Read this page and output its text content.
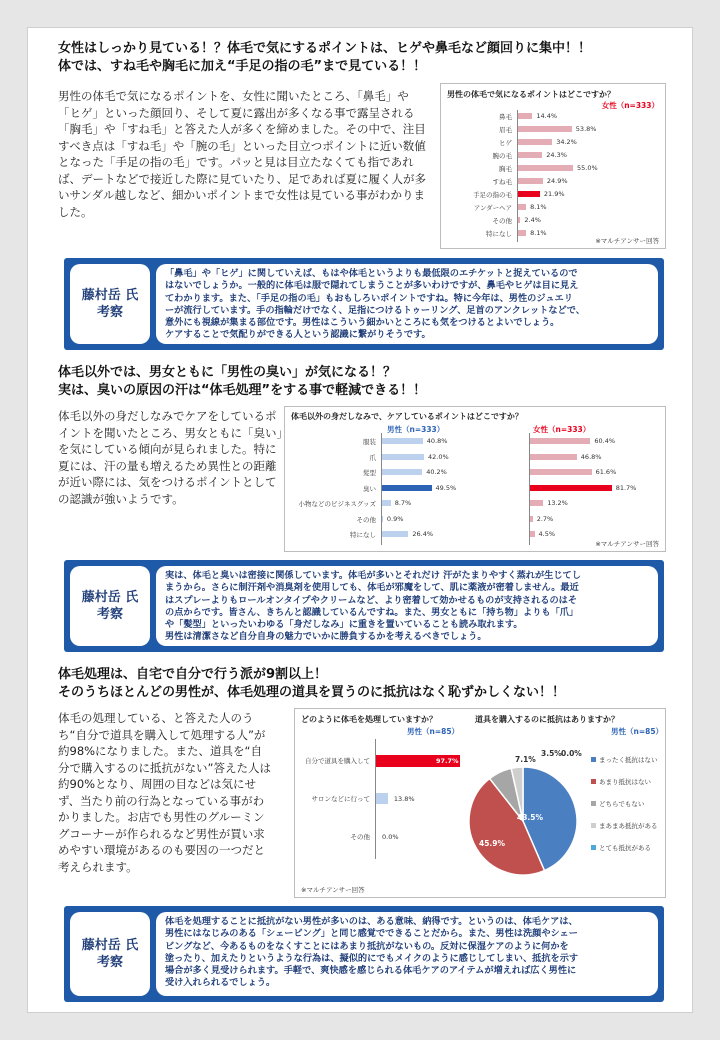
女性はしっかり見ている！？体毛で気にするポイントは、ヒゲや鼻毛など顔回りに集中！！
体では、すね毛や胸毛に加え“手足の指の毛”まで見ている！！
男性の体毛で気になるポイントを、女性に聞いたところ、「鼻毛」や「ヒゲ」といった顔回り、そして夏に露出が多くなる事で露呈される「胸毛」や「すね毛」と答えた人が多くを締めました。その中で、注目すべき点は「すね毛」や「腕の毛」といった目立つポイントに近い数値となった「手足の指の毛」です。パッと見は目立たなくても指であれば、デートなどで接近した際に見ていたり、足であれば夏に履く人が多いサンダル越しなど、細かいポイントまで女性は見ている事がわかりました。
男性の体毛で気になるポイントはどこですか？
女性（n=333）
※マルチアンサー回答
鼻毛	14.4%
眉毛	53.8%
ヒゲ	34.2%
腕の毛	24.3%
胸毛	55.0%
すね毛	24.9%
手足の指の毛	21.9%
アンダーヘア	8.1%
その他 2.4%
特になし	8.1%
藤村岳 氏
考察
「鼻毛」や「ヒゲ」に関していえば、もはや体毛というよりも最低限のエチケットと捉えているので
はないでしょうか。一般的に体毛は服で隠れてしまうことが多いわけですが、鼻毛やヒゲは目に見え
てわかります。また、「手足の指の毛」もおもしろいポイントですね。特に今年は、男性のジュエリ
ーが流行しています。手の指輪だけでなく、足指につけるトゥーリング、足首のアンクレットなどで、
意外にも視線が集まる部位です。男性はこういう細かいところにも気をつけるとよいでしょう。
ケアすることで気配りができる人という認識に繋がりそうです。
体毛以外では、男女ともに「男性の臭い」が気になる！？
実は、臭いの原因の汗は“体毛処理”をする事で軽減できる！！
体毛以外の身だしなみでケアをしているポイントを聞いたところ、男女ともに「臭い」を気にしている傾向が見られました。特に夏には、汗の量も増えるため異性との距離が近い際には、気をつけるポイントとしての認識が強いようです。
体毛以外の身だしなみで、ケアしているポイントはどこですか？
男性（n=333）	女性（n=333）
※マルチアンサー回答
服装	40.8%	60.4%
爪	42.0%	46.8%
髪型	40.2%	61.6%
臭い	49.5%	81.7%
小物などのビジネスグッズ	8.7%	13.2%
その他 0.9%	2.7%
特になし	26.4%	4.5%
藤村岳 氏
考察
実は、体毛と臭いは密接に関係しています。体毛が多いとそれだけ 汗がたまりやすく蒸れが生じてし
まうから。さらに制汗剤や消臭剤を使用しても、体毛が邪魔をして、肌に薬液が密着しません。最近
はスプレーよりもロールオンタイプやクリームなど、より密着して効かせるものが支持されるのはそ
の点からです。皆さん、きちんと認識しているんですね。また、男女ともに「持ち物」よりも「爪」
や「髪型」といったいわゆる「身だしなみ」に重きを置いていることも読み取れます。
男性は清潔さなど自分自身の魅力でいかに勝負するかを考えるべきでしょう。
体毛処理は、自宅で自分で行う派が9割以上！
そのうちほとんどの男性が、体毛処理の道具を買うのに抵抗はなく恥ずかしくない！！
体毛の処理している、と答えた人のうち“自分で道具を購入して処理する人”が約98%になりました。また、道具を“自分で購入するのに抵抗がない”答えた人は約90%となり、周囲の目などは気にせず、当たり前の行為となっている事がわかりました。お店でも男性のグルーミングコーナーが作られるなど男性が買い求めやすい環境があるのも要因の一つだと考えられます。
どのように体毛を処理していますか？
男性（n=85）
※マルチアンサー回答
道具を購入するのに抵抗はありますか？
男性（n=85）
自分で道具を購入して	97.7%
サロンなどに行って	13.8%
その他 0.0%
43.5%
45.9%
7.1%
3.5% 0.0%
まったく抵抗はない
あまり抵抗はない
どちらでもない
まあまあ抵抗がある
とても抵抗がある
藤村岳 氏
考察
体毛を処理することに抵抗がない男性が多いのは、ある意味、納得です。というのは、体毛ケアは、
男性にはなじみのある「シェービング」と同じ感覚でできることだから。また、男性は洗顔やシェー
ビングなど、今あるものをなくすことにはあまり抵抗がないもの。反対に保湿ケアのように何かを
塗ったり、加えたりというような行為は、擬似的にでもメイクのように感じしてしまい、抵抗を示す
場合が多く見受けられます。手軽で、爽快感を感じられる体毛ケアのアイテムが増えれば広く男性に
受け入れられるでしょう。
